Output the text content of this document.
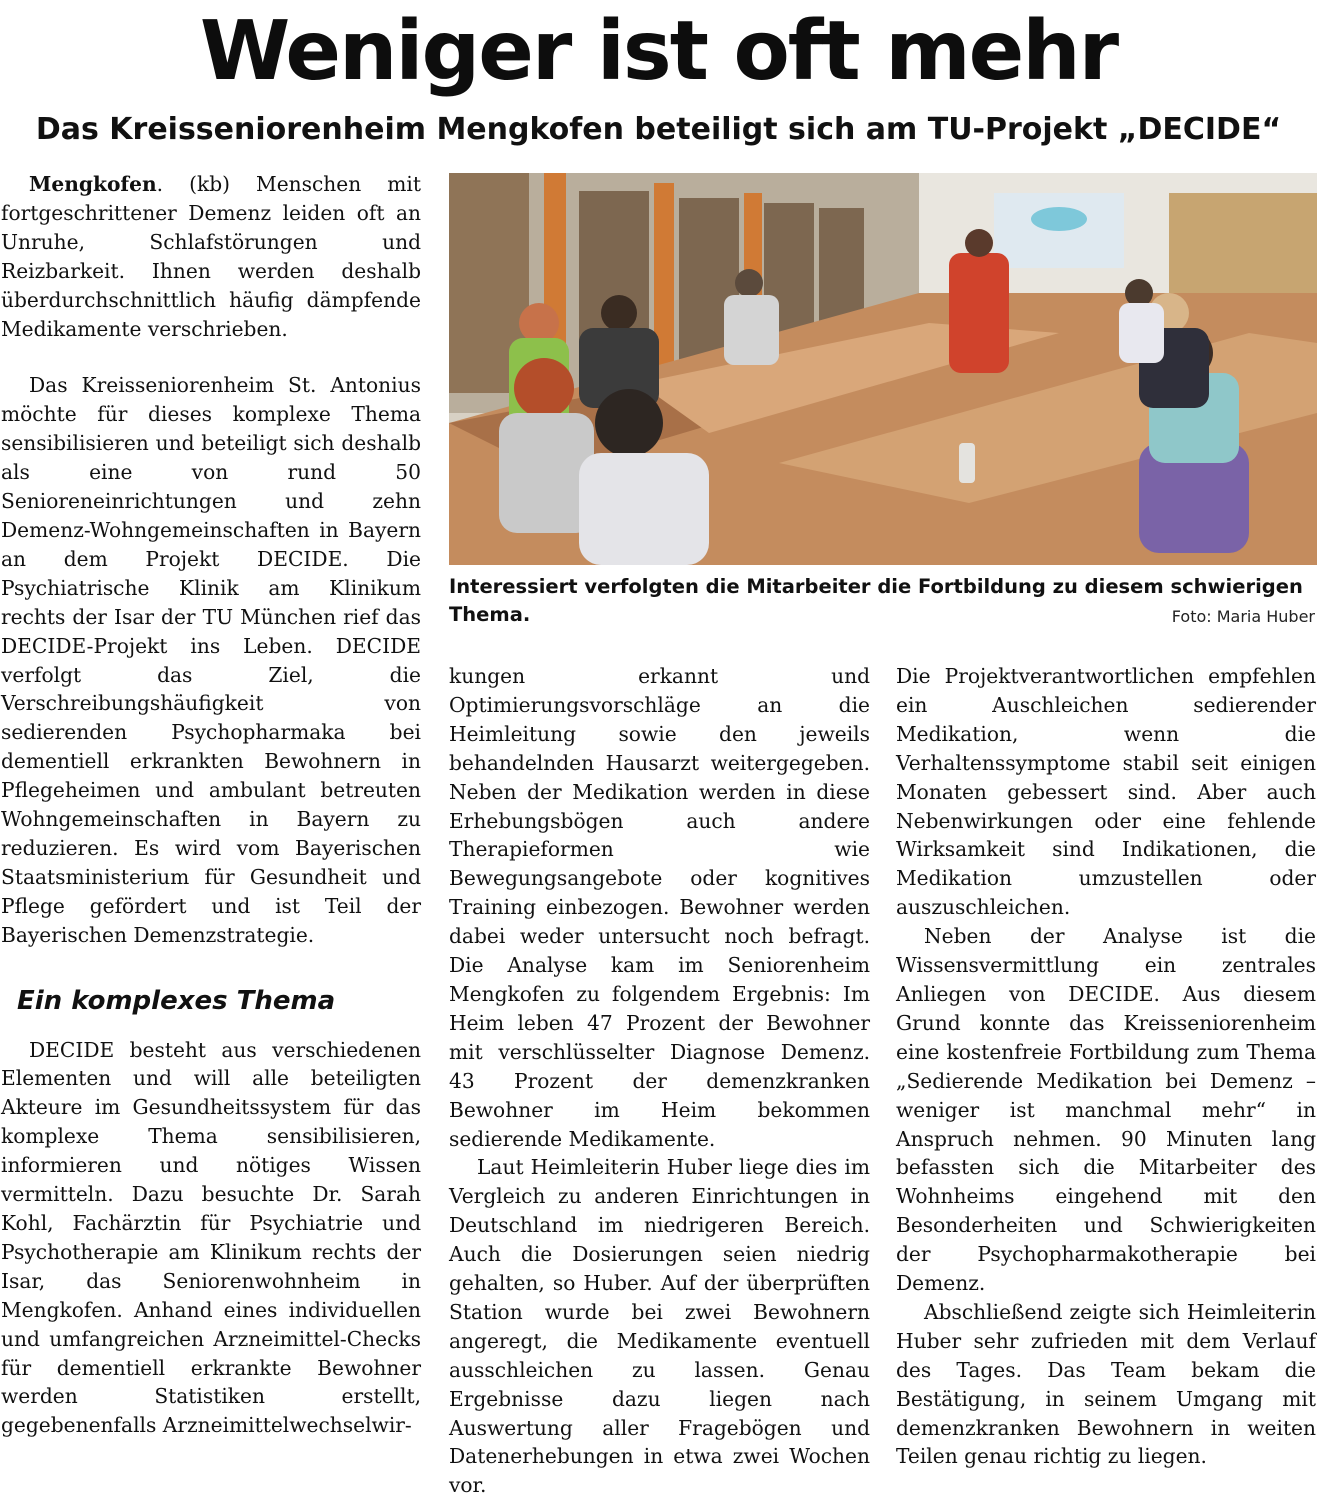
Weniger ist oft mehr
Das Kreisseniorenheim Mengkofen beteiligt sich am TU-Projekt „DECIDE“

Mengkofen. (kb) Menschen mit fortgeschrittener Demenz leiden oft an Unruhe, Schlafstörungen und Reizbarkeit. Ihnen werden deshalb überdurchschnittlich häufig dämpfende Medikamente verschrieben.

Das Kreisseniorenheim St. Antonius möchte für dieses komplexe Thema sensibilisieren und beteiligt sich deshalb als eine von rund 50 Senioreneinrichtungen und zehn Demenz-Wohngemeinschaften in Bayern an dem Projekt DECIDE. Die Psychiatrische Klinik am Klinikum rechts der Isar der TU München rief das DECIDE-Projekt ins Leben. DECIDE verfolgt das Ziel, die Verschreibungshäufigkeit von sedierenden Psychopharmaka bei dementiell erkrankten Bewohnern in Pflegeheimen und ambulant betreuten Wohngemeinschaften in Bayern zu reduzieren. Es wird vom Bayerischen Staatsministerium für Gesundheit und Pflege gefördert und ist Teil der Bayerischen Demenzstrategie.

Ein komplexes Thema

DECIDE besteht aus verschiedenen Elementen und will alle beteiligten Akteure im Gesundheitssystem für das komplexe Thema sensibilisieren, informieren und nötiges Wissen vermitteln. Dazu besuchte Dr. Sarah Kohl, Fachärztin für Psychiatrie und Psychotherapie am Klinikum rechts der Isar, das Seniorenwohnheim in Mengkofen. Anhand eines individuellen und umfangreichen Arzneimittel-Checks für dementiell erkrankte Bewohner werden Statistiken erstellt, gegebenenfalls Arzneimittelwechselwir-

Interessiert verfolgten die Mitarbeiter die Fortbildung zu diesem schwierigen Thema.	Foto: Maria Huber

kungen erkannt und Optimierungsvorschläge an die Heimleitung sowie den jeweils behandelnden Hausarzt weitergegeben. Neben der Medikation werden in diese Erhebungsbögen auch andere Therapieformen wie Bewegungsangebote oder kognitives Training einbezogen. Bewohner werden dabei weder untersucht noch befragt. Die Analyse kam im Seniorenheim Mengkofen zu folgendem Ergebnis: Im Heim leben 47 Prozent der Bewohner mit verschlüsselter Diagnose Demenz. 43 Prozent der demenzkranken Bewohner im Heim bekommen sedierende Medikamente.

Laut Heimleiterin Huber liege dies im Vergleich zu anderen Einrichtungen in Deutschland im niedrigeren Bereich. Auch die Dosierungen seien niedrig gehalten, so Huber. Auf der überprüften Station wurde bei zwei Bewohnern angeregt, die Medikamente eventuell ausschleichen zu lassen. Genau Ergebnisse dazu liegen nach Auswertung aller Fragebögen und Datenerhebungen in etwa zwei Wochen vor.

Die Projektverantwortlichen empfehlen ein Auschleichen sedierender Medikation, wenn die Verhaltenssymptome stabil seit einigen Monaten gebessert sind. Aber auch Nebenwirkungen oder eine fehlende Wirksamkeit sind Indikationen, die Medikation umzustellen oder auszuschleichen.

Neben der Analyse ist die Wissensvermittlung ein zentrales Anliegen von DECIDE. Aus diesem Grund konnte das Kreisseniorenheim eine kostenfreie Fortbildung zum Thema „Sedierende Medikation bei Demenz – weniger ist manchmal mehr“ in Anspruch nehmen. 90 Minuten lang befassten sich die Mitarbeiter des Wohnheims eingehend mit den Besonderheiten und Schwierigkeiten der Psychopharmakotherapie bei Demenz.

Abschließend zeigte sich Heimleiterin Huber sehr zufrieden mit dem Verlauf des Tages. Das Team bekam die Bestätigung, in seinem Umgang mit demenzkranken Bewohnern in weiten Teilen genau richtig zu liegen.
